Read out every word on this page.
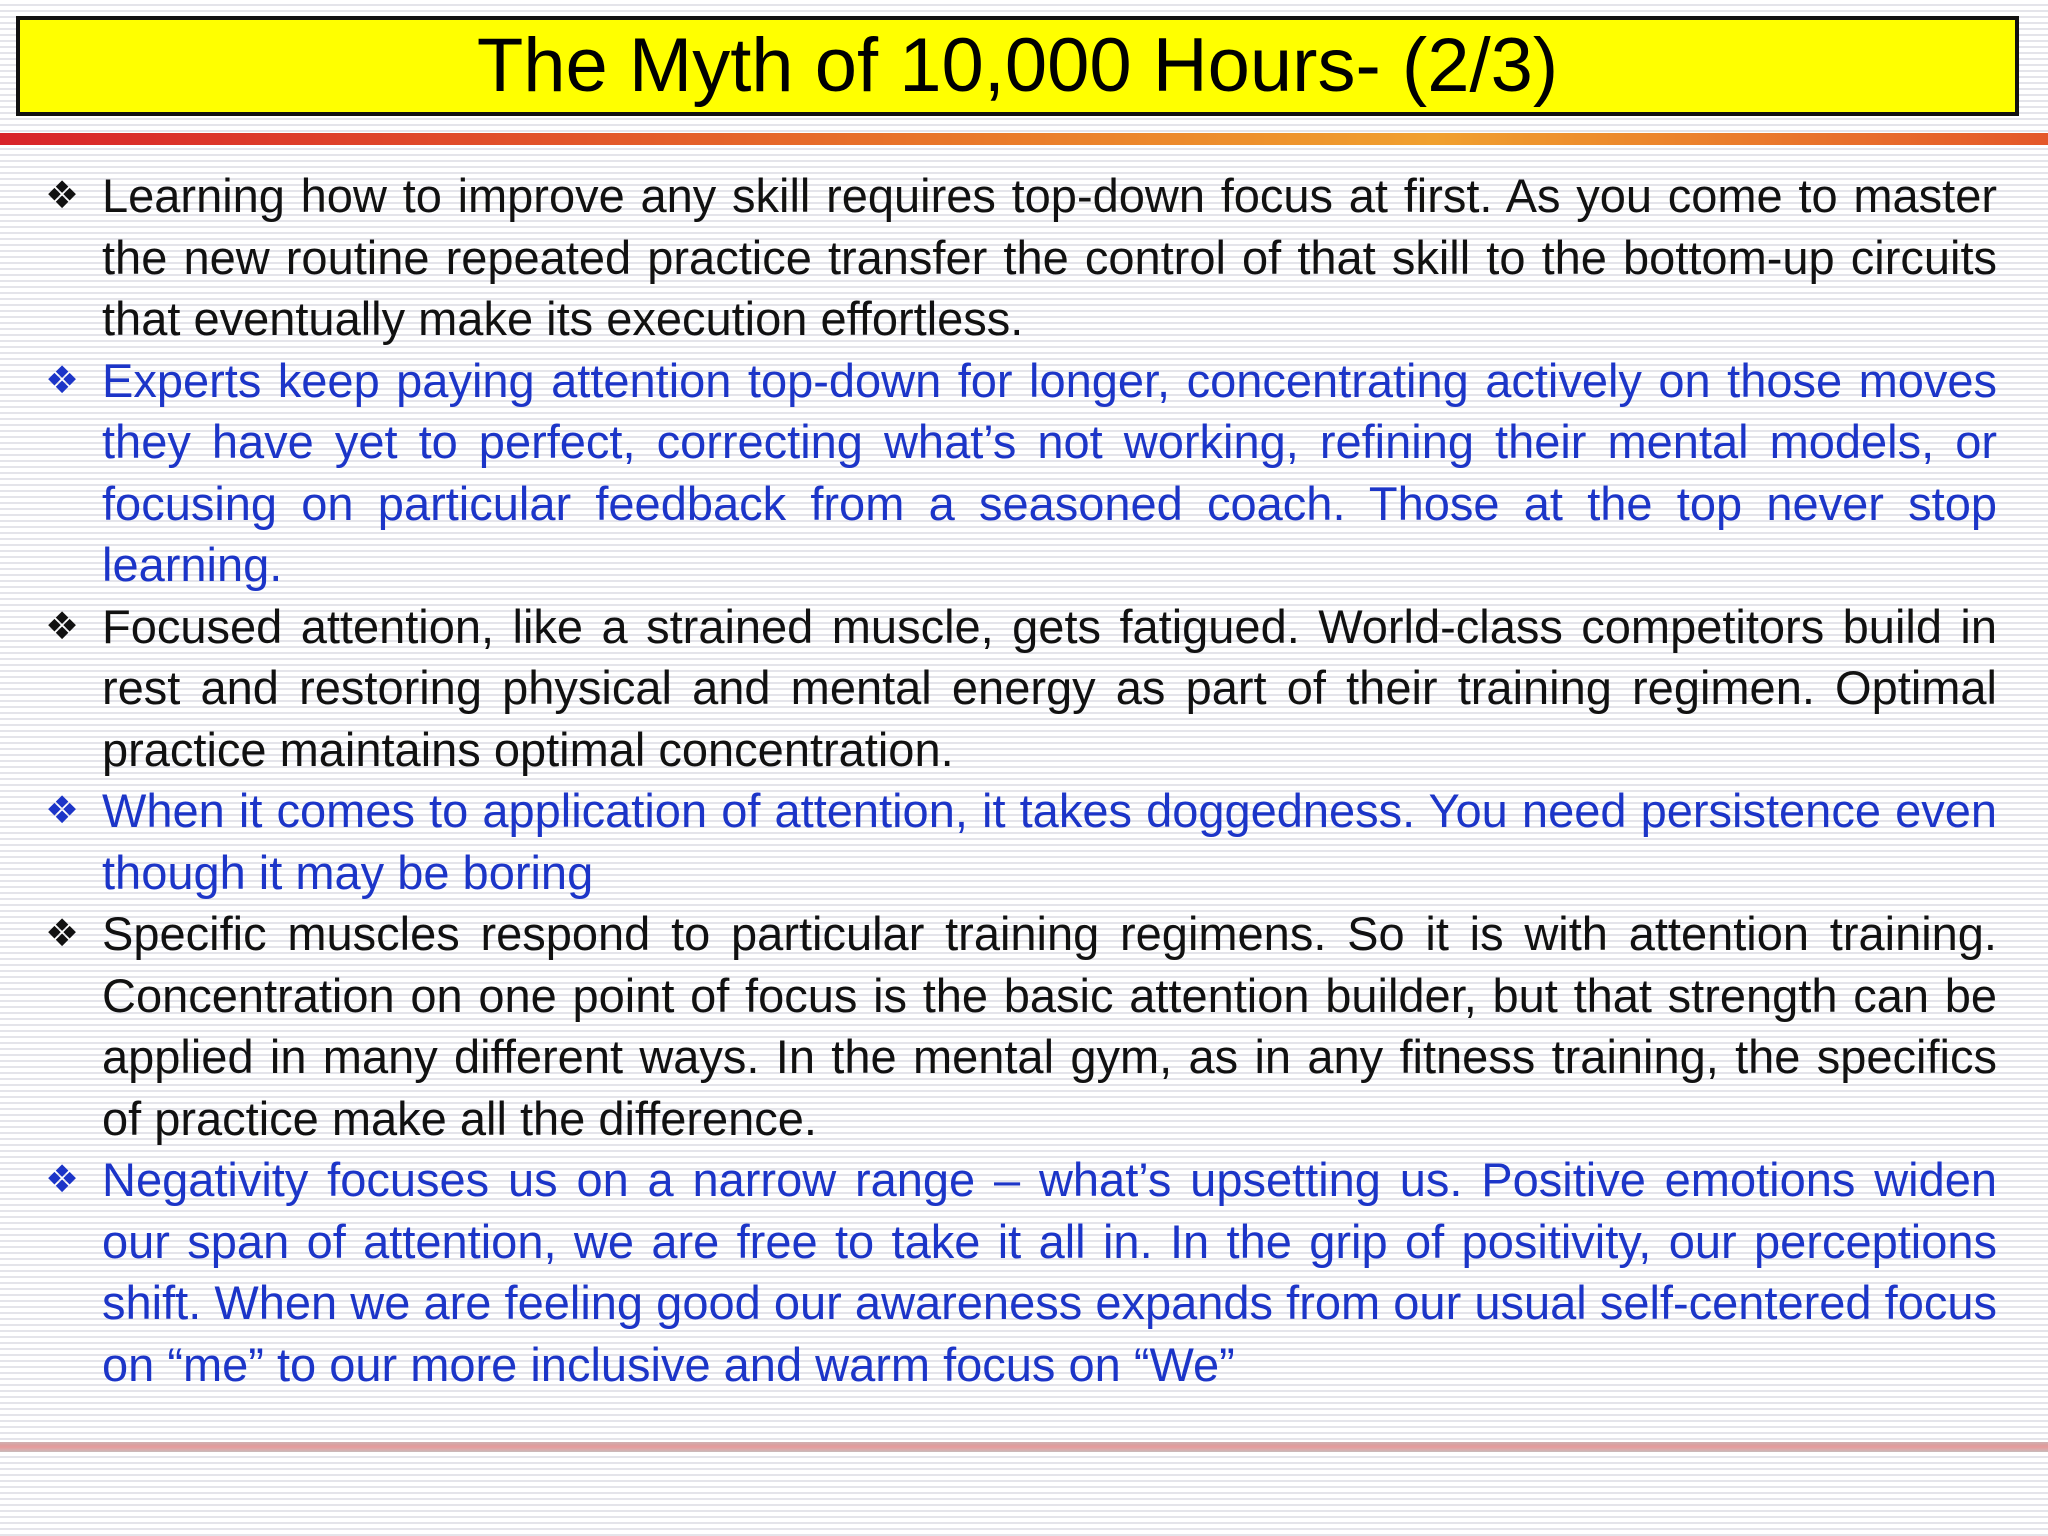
The Myth of 10,000 Hours- (2/3)
❖ Learning how to improve any skill requires top-down focus at first. As you come to master the new routine repeated practice transfer the control of that skill to the bottom-up circuits that eventually make its execution effortless.
❖ Experts keep paying attention top-down for longer, concentrating actively on those moves they have yet to perfect, correcting what’s not working, refining their mental models, or focusing on particular feedback from a seasoned coach. Those at the top never stop learning.
❖ Focused attention, like a strained muscle, gets fatigued. World-class competitors build in rest and restoring physical and mental energy as part of their training regimen. Optimal practice maintains optimal concentration.
❖ When it comes to application of attention, it takes doggedness. You need persistence even though it may be boring
❖ Specific muscles respond to particular training regimens. So it is with attention training. Concentration on one point of focus is the basic attention builder, but that strength can be applied in many different ways. In the mental gym, as in any fitness training, the specifics of practice make all the difference.
❖ Negativity focuses us on a narrow range – what’s upsetting us. Positive emotions widen our span of attention, we are free to take it all in. In the grip of positivity, our perceptions shift. When we are feeling good our awareness expands from our usual self-centered focus on “me” to our more inclusive and warm focus on “We”
